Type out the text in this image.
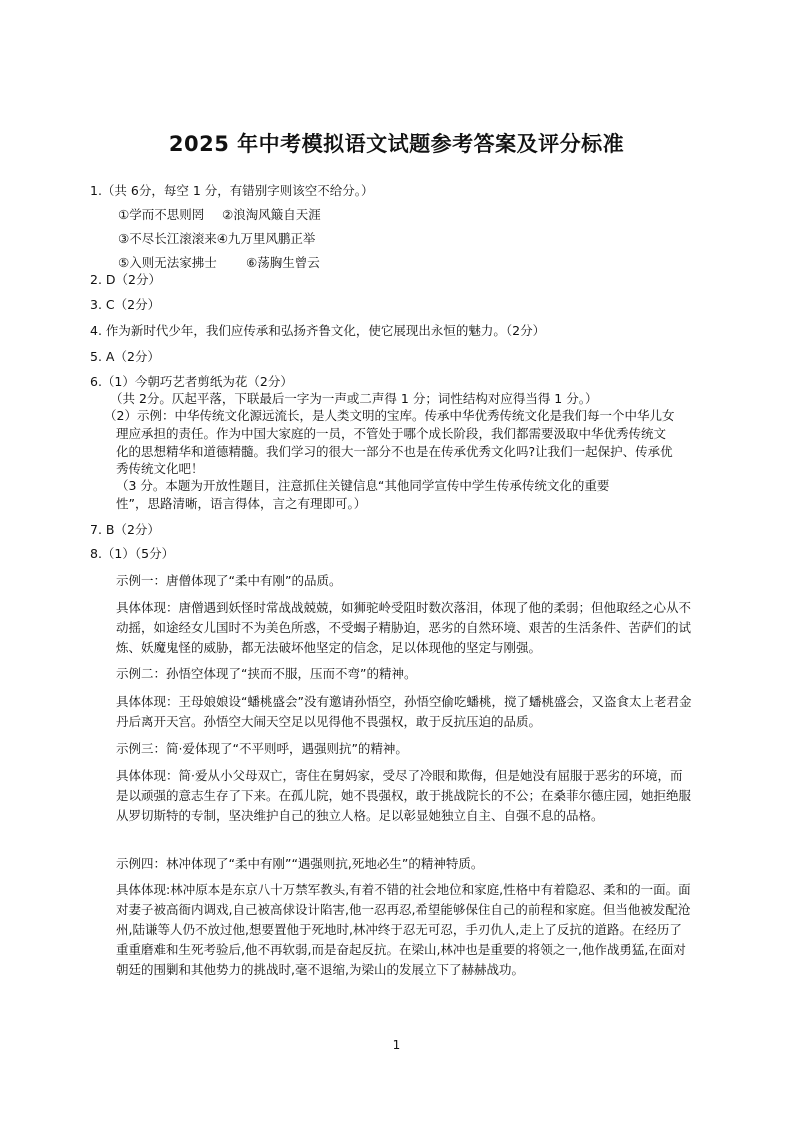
2025 年中考模拟语文试题参考答案及评分标准
1.（共 6分，每空 1 分，有错别字则该空不给分。）
①学而不思则罔 ②浪淘风簸自天涯
③不尽长江滚滚来④九万里风鹏正举
⑤入则无法家拂士 ⑥荡胸生曾云
2. D（2分）
3. C（2分）
4. 作为新时代少年，我们应传承和弘扬齐鲁文化，使它展现出永恒的魅力。（2分）
5. A（2分）
6.（1）今朝巧艺者剪纸为花（2分）
（共 2分。仄起平落，下联最后一字为一声或二声得 1 分；词性结构对应得当得 1 分。）
（2）示例：中华传统文化源远流长，是人类文明的宝库。传承中华优秀传统文化是我们每一个中华儿女
理应承担的责任。作为中国大家庭的一员，不管处于哪个成长阶段，我们都需要汲取中华优秀传统文
化的思想精华和道德精髓。我们学习的很大一部分不也是在传承优秀文化吗?让我们一起保护、传承优
秀传统文化吧！
（3 分。本题为开放性题目，注意抓住关键信息“其他同学宣传中学生传承传统文化的重要
性”，思路清晰，语言得体，言之有理即可。）
7. B（2分）
8.（1）（5分）
示例一：唐僧体现了“柔中有刚”的品质。
具体体现：唐僧遇到妖怪时常战战兢兢，如狮驼岭受阻时数次落泪，体现了他的柔弱；但他取经之心从不动摇，如途经女儿国时不为美色所惑，不受蝎子精胁迫，恶劣的自然环境、艰苦的生活条件、苦萨们的试炼、妖魔鬼怪的威胁，都无法破坏他坚定的信念，足以体现他的坚定与刚强。
示例二：孙悟空体现了“挟而不服，压而不弯”的精神。
具体体现：王母娘娘设“蟠桃盛会”没有邀请孙悟空，孙悟空偷吃蟠桃，搅了蟠桃盛会，又盗食太上老君金丹后离开天宫。孙悟空大闹天空足以见得他不畏强权，敢于反抗压迫的品质。
示例三：简·爱体现了“不平则呼，遇强则抗”的精神。
具体体现：简·爱从小父母双亡，寄住在舅妈家，受尽了冷眼和欺侮，但是她没有屈服于恶劣的环境，而是以顽强的意志生存了下来。在孤儿院，她不畏强权，敢于挑战院长的不公；在桑菲尔德庄园，她拒绝服从罗切斯特的专制，坚决维护自己的独立人格。足以彰显她独立自主、自强不息的品格。
示例四：林冲体现了“柔中有刚”“遇强则抗,死地必生”的精神特质。
具体体现:林冲原本是东京八十万禁军教头,有着不错的社会地位和家庭,性格中有着隐忍、柔和的一面。面对妻子被高衙内调戏,自己被高俅设计陷害,他一忍再忍,希望能够保住自己的前程和家庭。但当他被发配沧州,陆谦等人仍不放过他,想要置他于死地时,林冲终于忍无可忍，手刃仇人,走上了反抗的道路。在经历了重重磨难和生死考验后,他不再软弱,而是奋起反抗。在梁山,林冲也是重要的将领之一,他作战勇猛,在面对朝廷的围剿和其他势力的挑战时,毫不退缩,为梁山的发展立下了赫赫战功。
1
